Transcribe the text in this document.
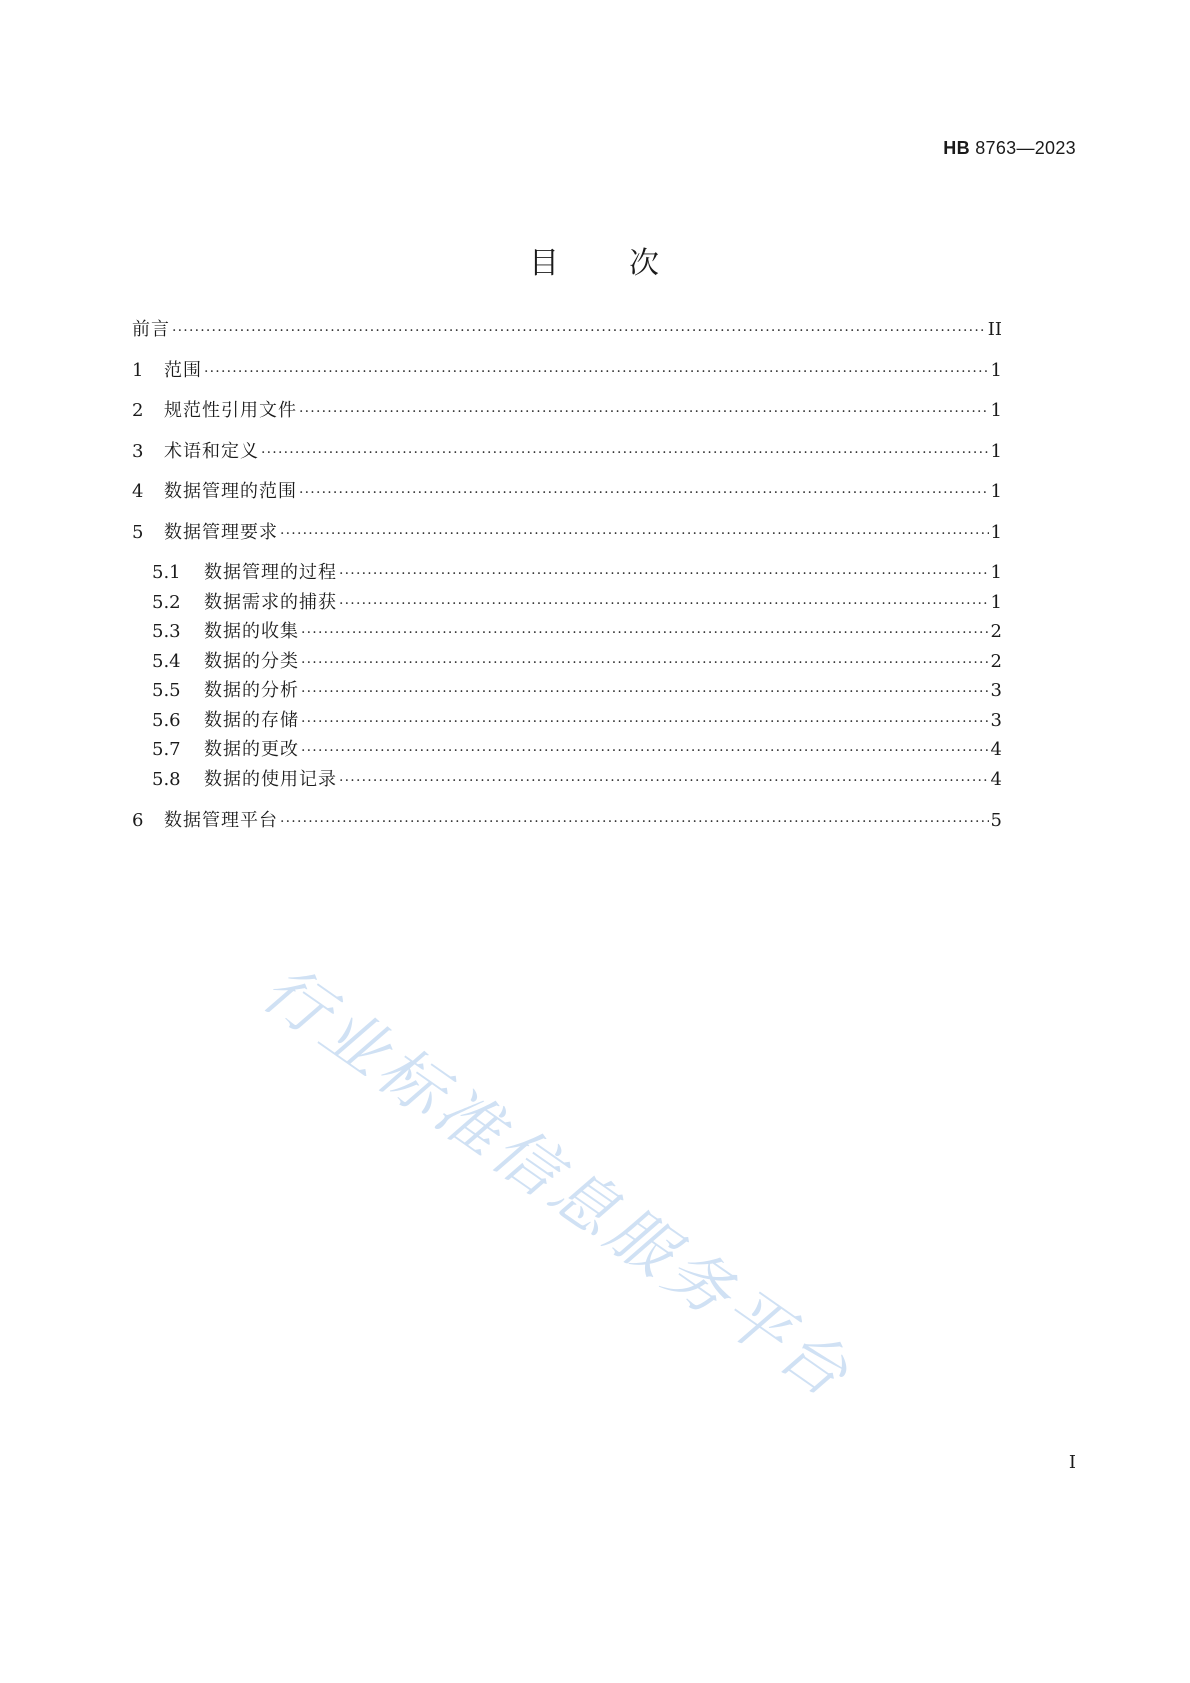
HB 8763—2023
目 次
前言 ·····	II
1	范围 ·····	1
2	规范性引用文件 ·····	1
3	术语和定义 ·····	1
4	数据管理的范围 ·····	1
5	数据管理要求 ·····	1
5.1	数据管理的过程 ·····	1
5.2	数据需求的捕获 ·····	1
5.3	数据的收集 ·····	2
5.4	数据的分类 ·····	2
5.5	数据的分析 ·····	3
5.6	数据的存储 ·····	3
5.7	数据的更改 ·····	4
5.8	数据的使用记录 ·····	4
6	数据管理平台 ·····	5
行业标准信息服务平台
I
